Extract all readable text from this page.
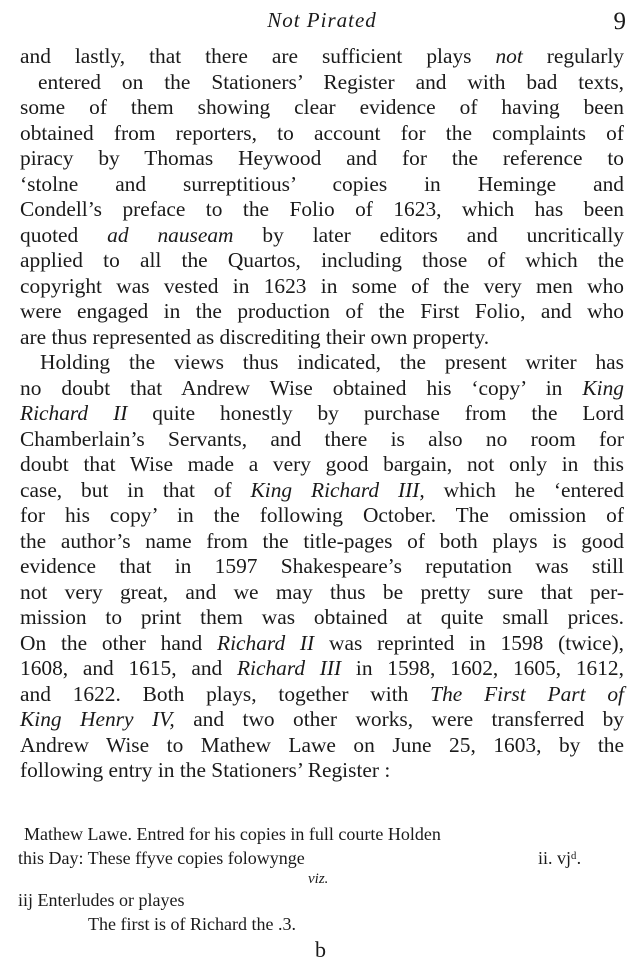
Not Pirated	9
and lastly, that there are sufficient plays not regularly
entered on the Stationers’ Register and with bad texts,
some of them showing clear evidence of having been
obtained from reporters, to account for the complaints of
piracy by Thomas Heywood and for the reference to
‘stolne and surreptitious’ copies in Heminge and
Condell’s preface to the Folio of 1623, which has been
quoted ad nauseam by later editors and uncritically
applied to all the Quartos, including those of which the
copyright was vested in 1623 in some of the very men who
were engaged in the production of the First Folio, and who
are thus represented as discrediting their own property.
Holding the views thus indicated, the present writer has
no doubt that Andrew Wise obtained his ‘copy’ in King
Richard II quite honestly by purchase from the Lord
Chamberlain’s Servants, and there is also no room for
doubt that Wise made a very good bargain, not only in this
case, but in that of King Richard III, which he ‘entered
for his copy’ in the following October. The omission of
the author’s name from the title-pages of both plays is good
evidence that in 1597 Shakespeare’s reputation was still
not very great, and we may thus be pretty sure that per-
mission to print them was obtained at quite small prices.
On the other hand Richard II was reprinted in 1598 (twice),
1608, and 1615, and Richard III in 1598, 1602, 1605, 1612,
and 1622. Both plays, together with The First Part of
King Henry IV, and two other works, were transferred by
Andrew Wise to Mathew Lawe on June 25, 1603, by the
following entry in the Stationers’ Register :
Mathew Lawe. Entred for his copies in full courte Holden
this Day: These ffyve copies folowynge	ii. vjᵈ.
viz.
iij Enterludes or playes
The first is of Richard the .3.
b
